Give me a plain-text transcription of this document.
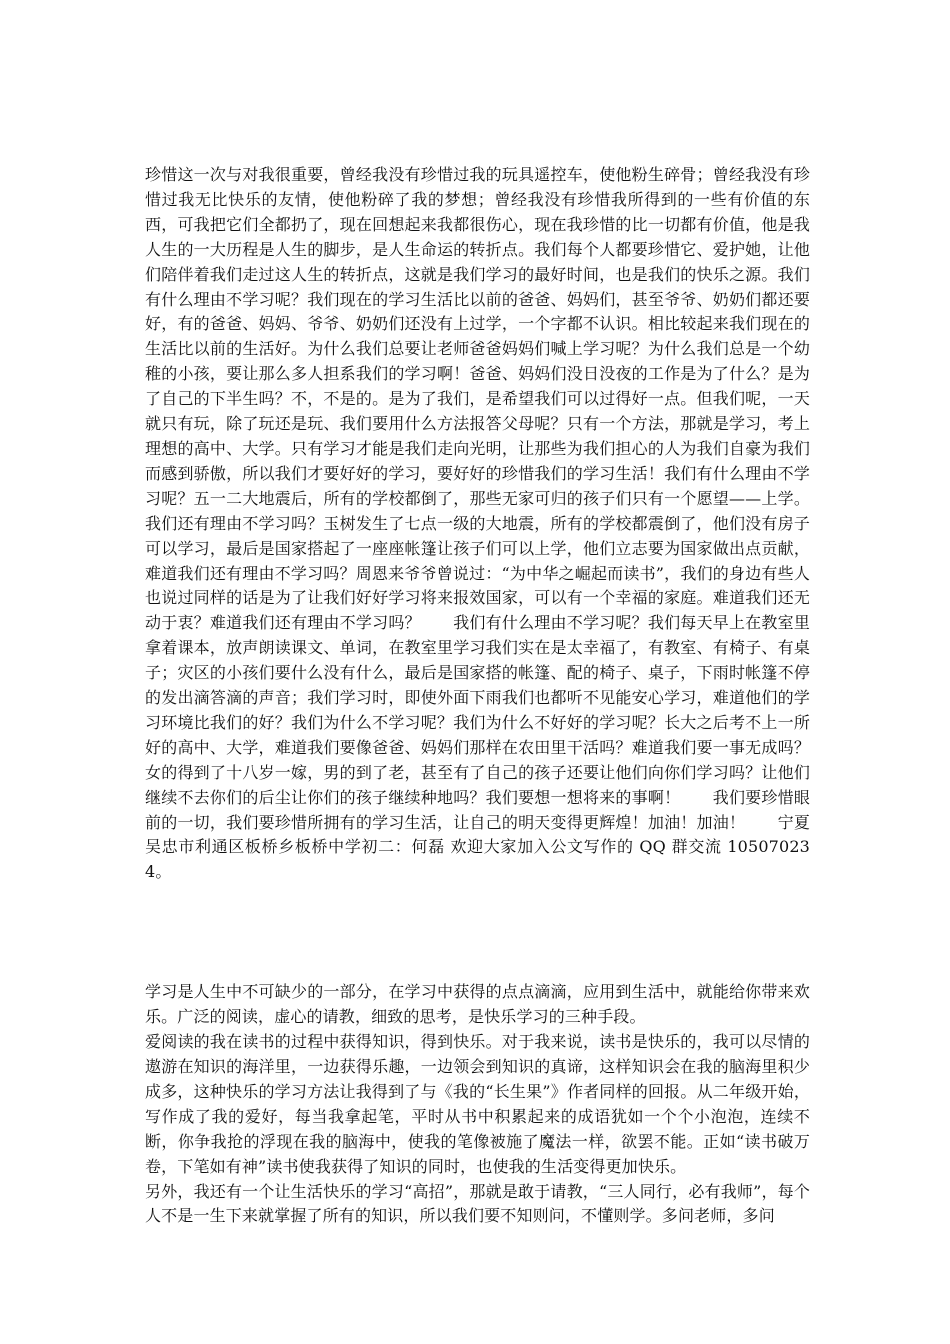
珍惜这一次与对我很重要，曾经我没有珍惜过我的玩具遥控车，使他粉生碎骨；曾经我没有珍惜过我无比快乐的友情，使他粉碎了我的梦想；曾经我没有珍惜我所得到的一些有价值的东西，可我把它们全都扔了，现在回想起来我都很伤心，现在我珍惜的比一切都有价值，他是我人生的一大历程是人生的脚步，是人生命运的转折点。我们每个人都要珍惜它、爱护她，让他们陪伴着我们走过这人生的转折点，这就是我们学习的最好时间，也是我们的快乐之源。我们有什么理由不学习呢？我们现在的学习生活比以前的爸爸、妈妈们，甚至爷爷、奶奶们都还要好，有的爸爸、妈妈、爷爷、奶奶们还没有上过学，一个字都不认识。相比较起来我们现在的生活比以前的生活好。为什么我们总要让老师爸爸妈妈们喊上学习呢？为什么我们总是一个幼稚的小孩，要让那么多人担系我们的学习啊！爸爸、妈妈们没日没夜的工作是为了什么？是为了自己的下半生吗？不，不是的。是为了我们，是希望我们可以过得好一点。但我们呢，一天就只有玩，除了玩还是玩、我们要用什么方法报答父母呢？只有一个方法，那就是学习，考上理想的高中、大学。只有学习才能是我们走向光明，让那些为我们担心的人为我们自豪为我们而感到骄傲，所以我们才要好好的学习，要好好的珍惜我们的学习生活！我们有什么理由不学习呢？五一二大地震后，所有的学校都倒了，那些无家可归的孩子们只有一个愿望——上学。我们还有理由不学习吗？玉树发生了七点一级的大地震，所有的学校都震倒了，他们没有房子可以学习，最后是国家搭起了一座座帐篷让孩子们可以上学，他们立志要为国家做出点贡献，难道我们还有理由不学习吗？周恩来爷爷曾说过：“为中华之崛起而读书”，我们的身边有些人也说过同样的话是为了让我们好好学习将来报效国家，可以有一个幸福的家庭。难道我们还无动于衷？难道我们还有理由不学习吗？　　我们有什么理由不学习呢？我们每天早上在教室里拿着课本，放声朗读课文、单词，在教室里学习我们实在是太幸福了，有教室、有椅子、有桌子；灾区的小孩们要什么没有什么，最后是国家搭的帐篷、配的椅子、桌子，下雨时帐篷不停的发出滴答滴的声音；我们学习时，即使外面下雨我们也都听不见能安心学习，难道他们的学习环境比我们的好？我们为什么不学习呢？我们为什么不好好的学习呢？长大之后考不上一所好的高中、大学，难道我们要像爸爸、妈妈们那样在农田里干活吗？难道我们要一事无成吗？女的得到了十八岁一嫁，男的到了老，甚至有了自己的孩子还要让他们向你们学习吗？让他们继续不去你们的后尘让你们的孩子继续种地吗？我们要想一想将来的事啊！　　我们要珍惜眼前的一切，我们要珍惜所拥有的学习生活，让自己的明天变得更辉煌！加油！加油！　　宁夏吴忠市利通区板桥乡板桥中学初二：何磊 欢迎大家加入公文写作的 QQ 群交流 105070234。

学习是人生中不可缺少的一部分，在学习中获得的点点滴滴，应用到生活中，就能给你带来欢乐。广泛的阅读，虚心的请教，细致的思考，是快乐学习的三种手段。

爱阅读的我在读书的过程中获得知识，得到快乐。对于我来说，读书是快乐的，我可以尽情的遨游在知识的海洋里，一边获得乐趣，一边领会到知识的真谛，这样知识会在我的脑海里积少成多，这种快乐的学习方法让我得到了与《我的“长生果”》作者同样的回报。从二年级开始，写作成了我的爱好，每当我拿起笔，平时从书中积累起来的成语犹如一个个小泡泡，连续不断，你争我抢的浮现在我的脑海中，使我的笔像被施了魔法一样，欲罢不能。正如“读书破万卷，下笔如有神”读书使我获得了知识的同时，也使我的生活变得更加快乐。

另外，我还有一个让生活快乐的学习“高招”，那就是敢于请教，“三人同行，必有我师”，每个人不是一生下来就掌握了所有的知识，所以我们要不知则问，不懂则学。多问老师，多问
